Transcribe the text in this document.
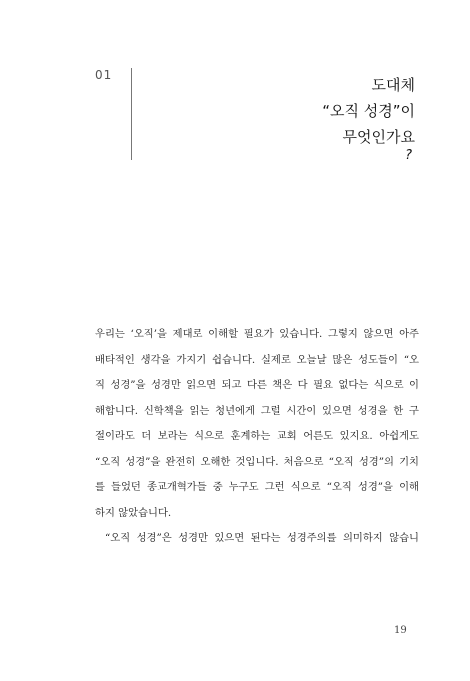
01
도대체
“오직 성경”이
무엇인가요
?

우리는 ‘오직’을 제대로 이해할 필요가 있습니다. 그렇지 않으면 아주

배타적인 생각을 가지기 쉽습니다. 실제로 오늘날 많은 성도들이 “오

직 성경”을 성경만 읽으면 되고 다른 책은 다 필요 없다는 식으로 이

해합니다. 신학책을 읽는 청년에게 그럴 시간이 있으면 성경을 한 구

절이라도 더 보라는 식으로 훈계하는 교회 어른도 있지요. 아쉽게도

“오직 성경”을 완전히 오해한 것입니다. 처음으로 “오직 성경”의 기치

를 들었던 종교개혁가들 중 누구도 그런 식으로 “오직 성경”을 이해

하지 않았습니다.

“오직 성경”은 성경만 있으면 된다는 성경주의를 의미하지 않습니

19
